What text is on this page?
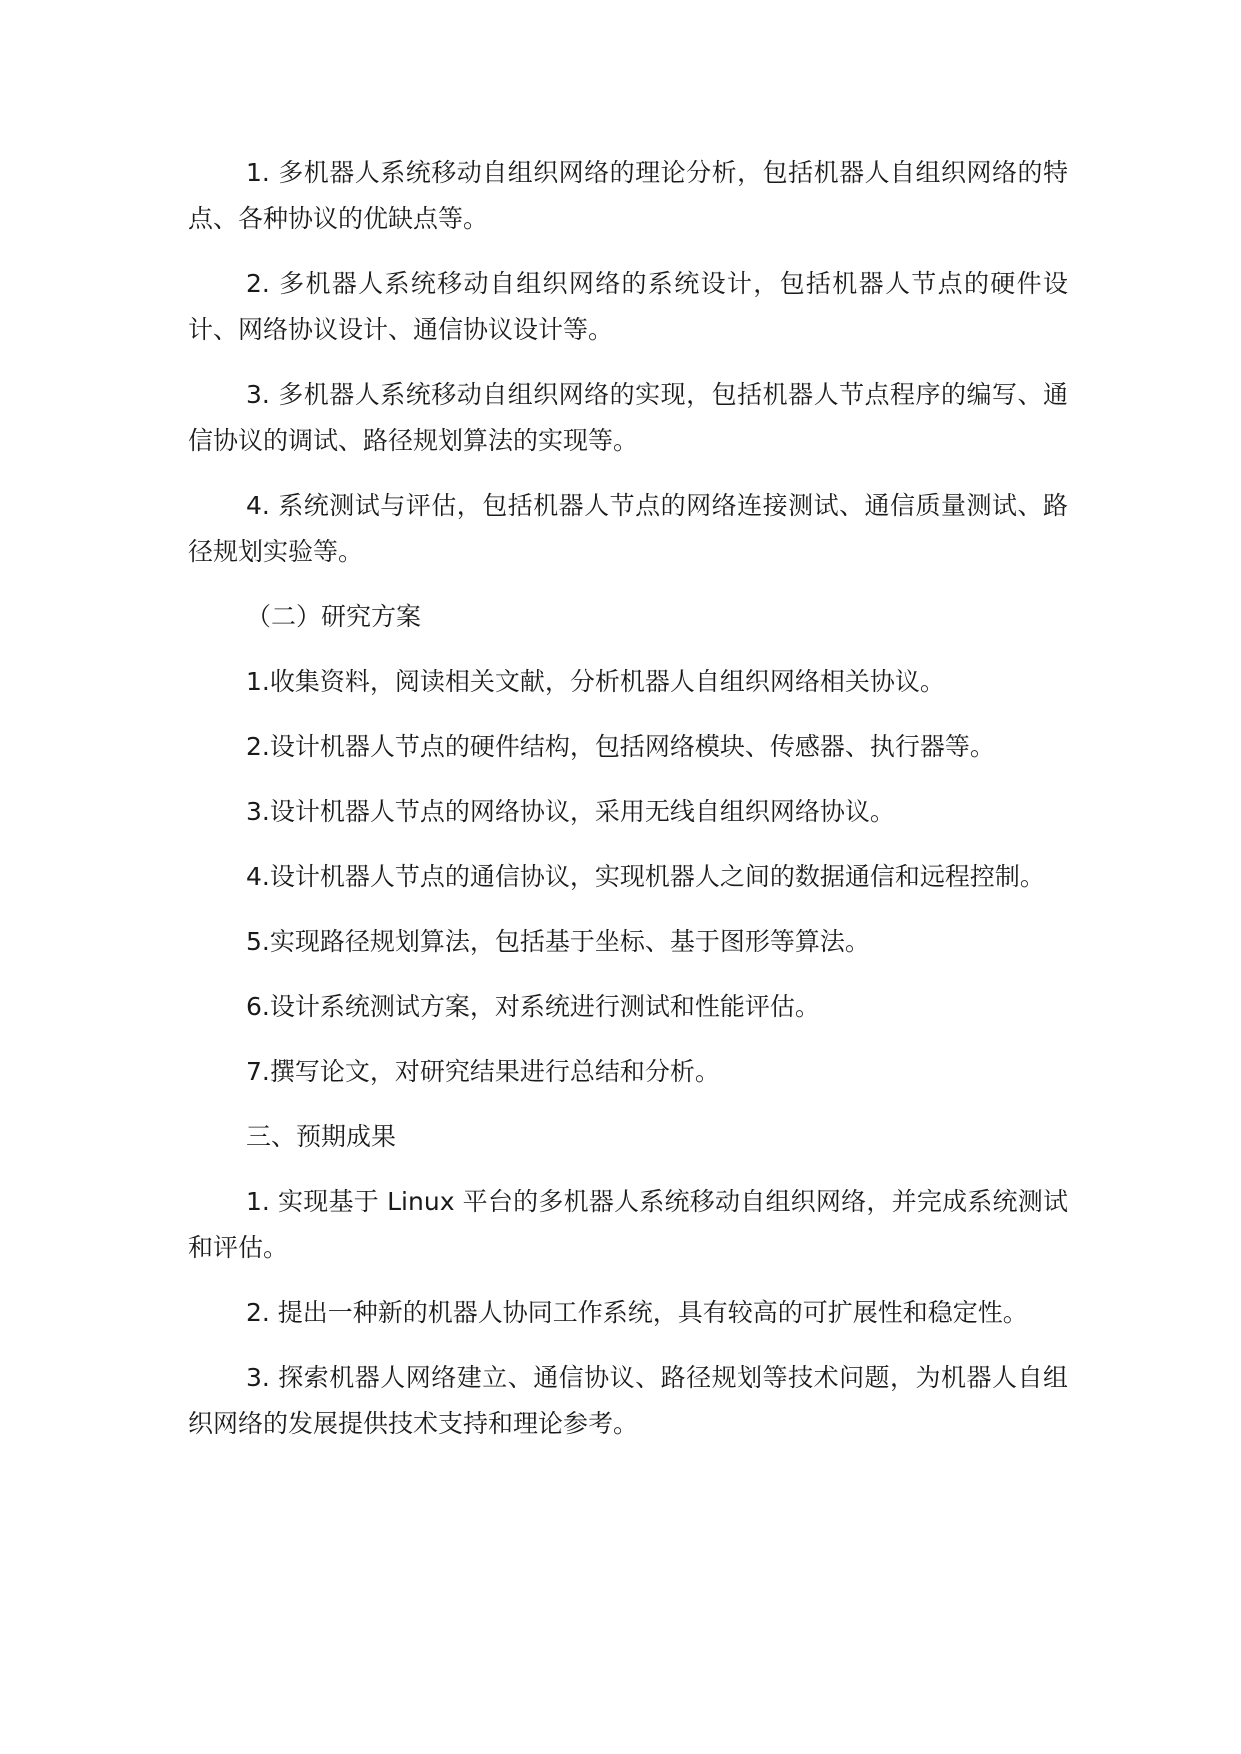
1. 多机器人系统移动自组织网络的理论分析，包括机器人自组织网络的特点、各种协议的优缺点等。

2. 多机器人系统移动自组织网络的系统设计，包括机器人节点的硬件设计、网络协议设计、通信协议设计等。

3. 多机器人系统移动自组织网络的实现，包括机器人节点程序的编写、通信协议的调试、路径规划算法的实现等。

4. 系统测试与评估，包括机器人节点的网络连接测试、通信质量测试、路径规划实验等。

（二）研究方案

1.收集资料，阅读相关文献，分析机器人自组织网络相关协议。

2.设计机器人节点的硬件结构，包括网络模块、传感器、执行器等。

3.设计机器人节点的网络协议，采用无线自组织网络协议。

4.设计机器人节点的通信协议，实现机器人之间的数据通信和远程控制。

5.实现路径规划算法，包括基于坐标、基于图形等算法。

6.设计系统测试方案，对系统进行测试和性能评估。

7.撰写论文，对研究结果进行总结和分析。

三、预期成果

1. 实现基于 Linux 平台的多机器人系统移动自组织网络，并完成系统测试和评估。

2. 提出一种新的机器人协同工作系统，具有较高的可扩展性和稳定性。

3. 探索机器人网络建立、通信协议、路径规划等技术问题，为机器人自组织网络的发展提供技术支持和理论参考。
